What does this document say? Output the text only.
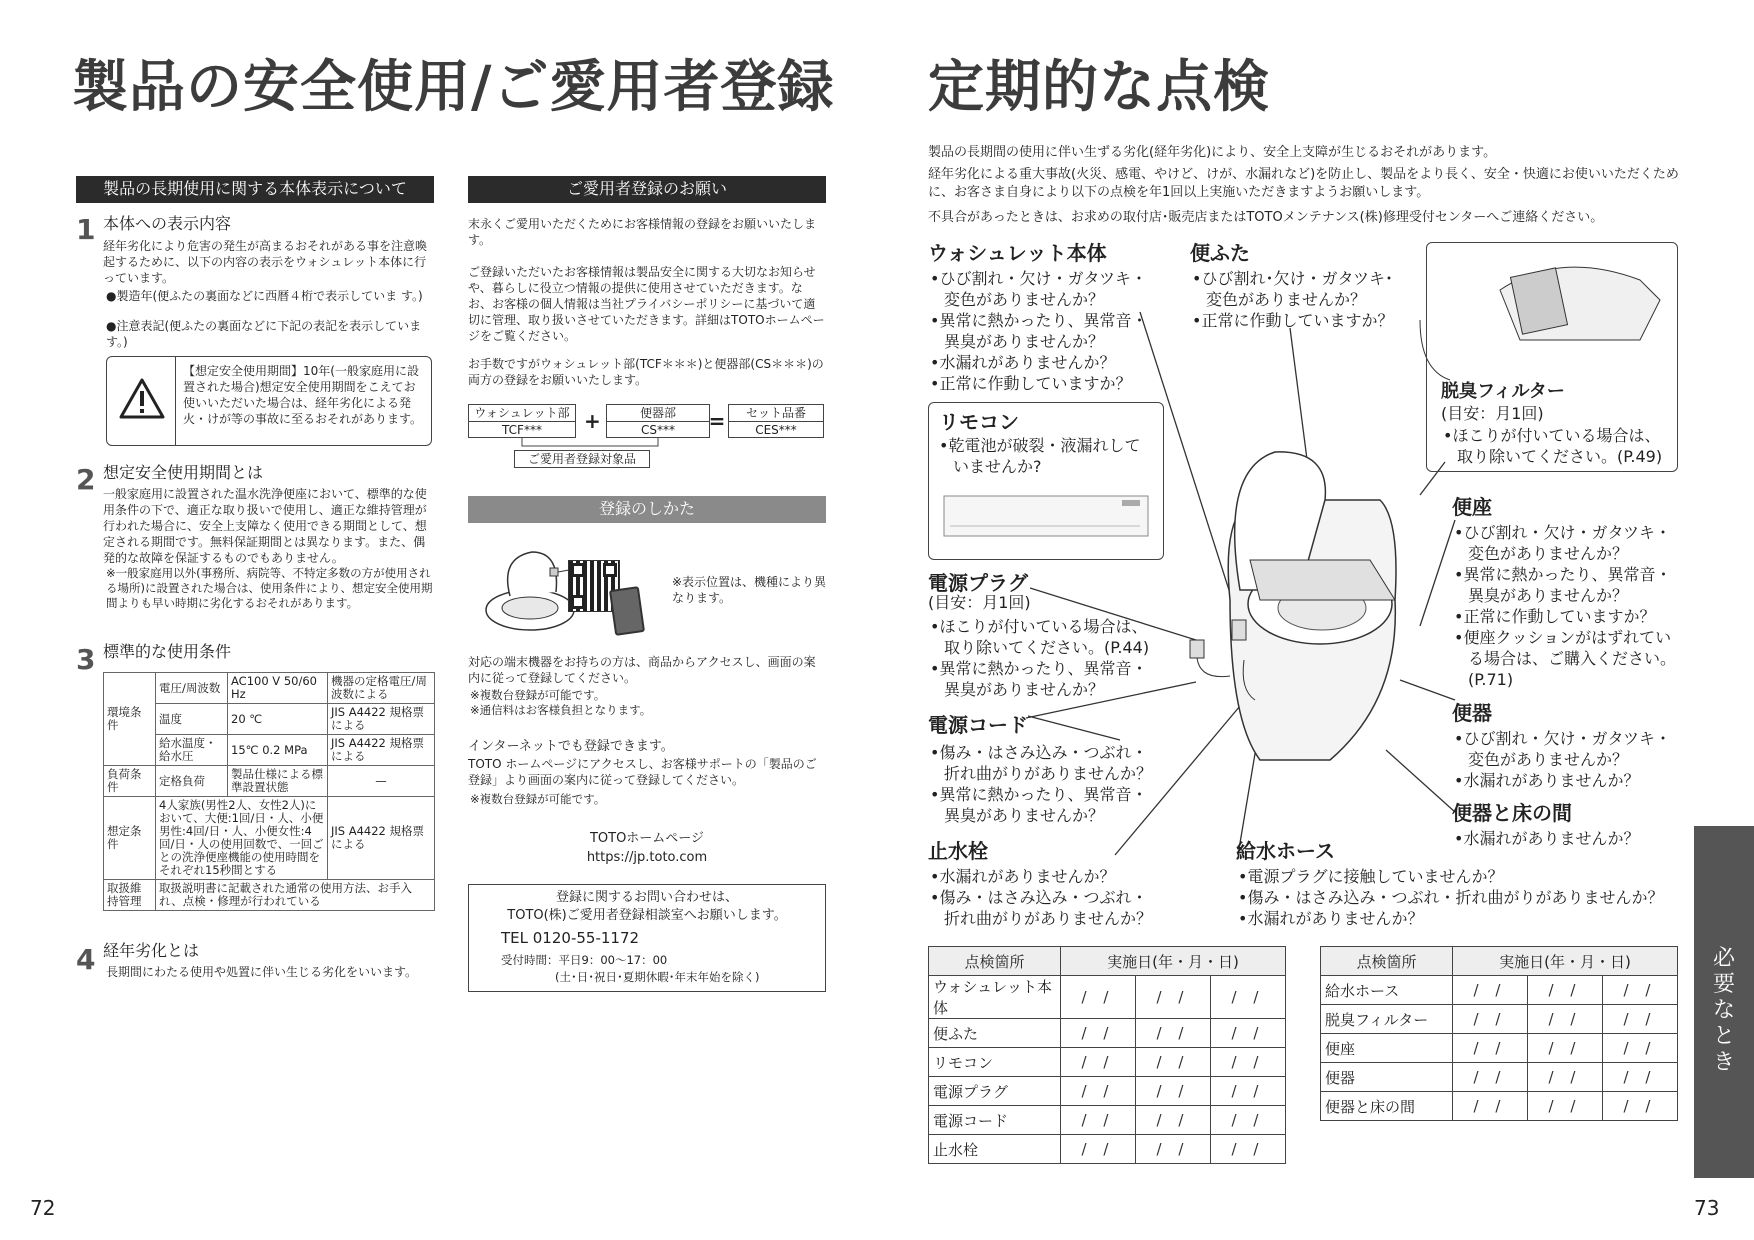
製品の安全使用/ご愛用者登録
製品の長期使用に関する本体表示について
1 本体への表示内容
経年劣化により危害の発生が高まるおそれがある事を注意喚起するために、以下の内容の表示をウォシュレット本体に行っています。
●製造年(便ふたの裏面などに西暦４桁で表示していま す。)
●注意表記(便ふたの裏面などに下記の表記を表示していま す。)
【想定安全使用期間】10年(一般家庭用に設置された場合)想定安全使用期間をこえてお使いいただいた場合は、経年劣化による発火・けが等の事故に至るおそれがあります。
2 想定安全使用期間とは
一般家庭用に設置された温水洗浄便座において、標準的な使用条件の下で、適正な取り扱いで使用し、適正な維持管理が行われた場合に、安全上支障なく使用できる期間として、想定される期間です。無料保証期間とは異なります。また、偶発的な故障を保証するものでもありません。
※一般家庭用以外(事務所、病院等、不特定多数の方が使用される場所)に設置された場合は、使用条件により、想定安全使用期間よりも早い時期に劣化するおそれがあります。
3 標準的な使用条件
環境条件	電圧/周波数	AC100 V 50/60 Hz	機器の定格電圧/周波数による
	温度	20 ℃	JIS A4422 規格票による
	給水温度・給水圧	15℃ 0.2 MPa	JIS A4422 規格票による
負荷条件	定格負荷	製品仕様による標準設置状態	—
想定条件	4人家族(男性2人、女性2人)において、大便:1回/日・人、小便男性:4回/日・人、小便女性:4回/日・人の使用回数で、一回ごとの洗浄便座機能の使用時間をそれぞれ15秒間とする		JIS A4422 規格票による
取扱維持管理	取扱説明書に記載された通常の使用方法、お手入れ、点検・修理が行われている		
4 経年劣化とは
長期間にわたる使用や処置に伴い生じる劣化をいいます。
ご愛用者登録のお願い
末永くご愛用いただくためにお客様情報の登録をお願いいたします。
ご登録いただいたお客様情報は製品安全に関する大切なお知らせや、暮らしに役立つ情報の提供に使用させていただきます。なお、お客様の個人情報は当社プライバシーポリシーに基づいて適切に管理、取り扱いさせていただきます。詳細はTOTOホームページをご覧ください。
お手数ですがウォシュレット部(TCF＊＊＊)と便器部(CS＊＊＊)の両方の登録をお願いいたします。
ウォシュレット部
TCF***	+	便器部
CS***	=	セット品番
CES***
ご愛用者登録対象品
登録のしかた
※表示位置は、機種により異なります。
対応の端末機器をお持ちの方は、商品からアクセスし、画面の案内に従って登録してください。
※複数台登録が可能です。
※通信料はお客様負担となります。
インターネットでも登録できます。
TOTO ホームページにアクセスし、お客様サポートの「製品のご登録」より画面の案内に従って登録してください。
※複数台登録が可能です。
TOTOホームページ
https://jp.toto.com
登録に関するお問い合わせは、
TOTO(株)ご愛用者登録相談室へお願いします。
TEL 0120-55-1172
受付時間：平日9：00～17：00
(土･日･祝日･夏期休暇･年末年始を除く)
72
定期的な点検
製品の長期間の使用に伴い生ずる劣化(経年劣化)により、安全上支障が生じるおそれがあります。
経年劣化による重大事故(火災、感電、やけど、けが、水漏れなど)を防止し、製品をより長く、安全・快適にお使いいただくために、お客さま自身により以下の点検を年1回以上実施いただきますようお願いします。
不具合があったときは、お求めの取付店･販売店またはTOTOメンテナンス(株)修理受付センターへご連絡ください。
ウォシュレット本体
•ひび割れ・欠け・ガタツキ・
変色がありませんか？
•異常に熱かったり、異常音・
異臭がありませんか？
•水漏れがありませんか？
•正常に作動していますか？
便ふた
•ひび割れ･欠け・ガタツキ･
変色がありませんか？
•正常に作動していますか？
脱臭フィルター
(目安：月1回)
•ほこりが付いている場合は、
取り除いてください。(P.49)
リモコン
•乾電池が破裂・液漏れして
いませんか?
便座
•ひび割れ・欠け・ガタツキ・
変色がありませんか？
•異常に熱かったり、異常音・
異臭がありませんか？
•正常に作動していますか？
•便座クッションがはずれてい
る場合は、ご購入ください。
(P.71)
電源プラグ
(目安：月1回)
•ほこりが付いている場合は、
取り除いてください。(P.44)
•異常に熱かったり、異常音・
異臭がありませんか？
便器
•ひび割れ・欠け・ガタツキ・
変色がありませんか？
•水漏れがありませんか？
電源コード
•傷み・はさみ込み・つぶれ・
折れ曲がりがありませんか？
•異常に熱かったり、異常音・
異臭がありませんか？	便器と床の間
•水漏れがありませんか？
止水栓
•水漏れがありませんか？
•傷み・はさみ込み・つぶれ・
折れ曲がりがありませんか？
給水ホース
•電源プラグに接触していませんか？
•傷み・はさみ込み・つぶれ・折れ曲がりがありませんか？
•水漏れがありませんか？
点検箇所	実施日(年・月・日)		
ウォシュレット本体	/ /	/ /	/ /
便ふた	/ /	/ /	/ /
リモコン	/ /	/ /	/ /
電源プラグ	/ /	/ /	/ /
電源コード	/ /	/ /	/ /
止水栓	/ /	/ /	/ /
点検箇所	実施日(年・月・日)		
給水ホース	/ /	/ /	/ /
脱臭フィルター	/ /	/ /	/ /
便座	/ /	/ /	/ /
便器	/ /	/ /	/ /
便器と床の間	/ /	/ /	/ /
必要なとき
73
